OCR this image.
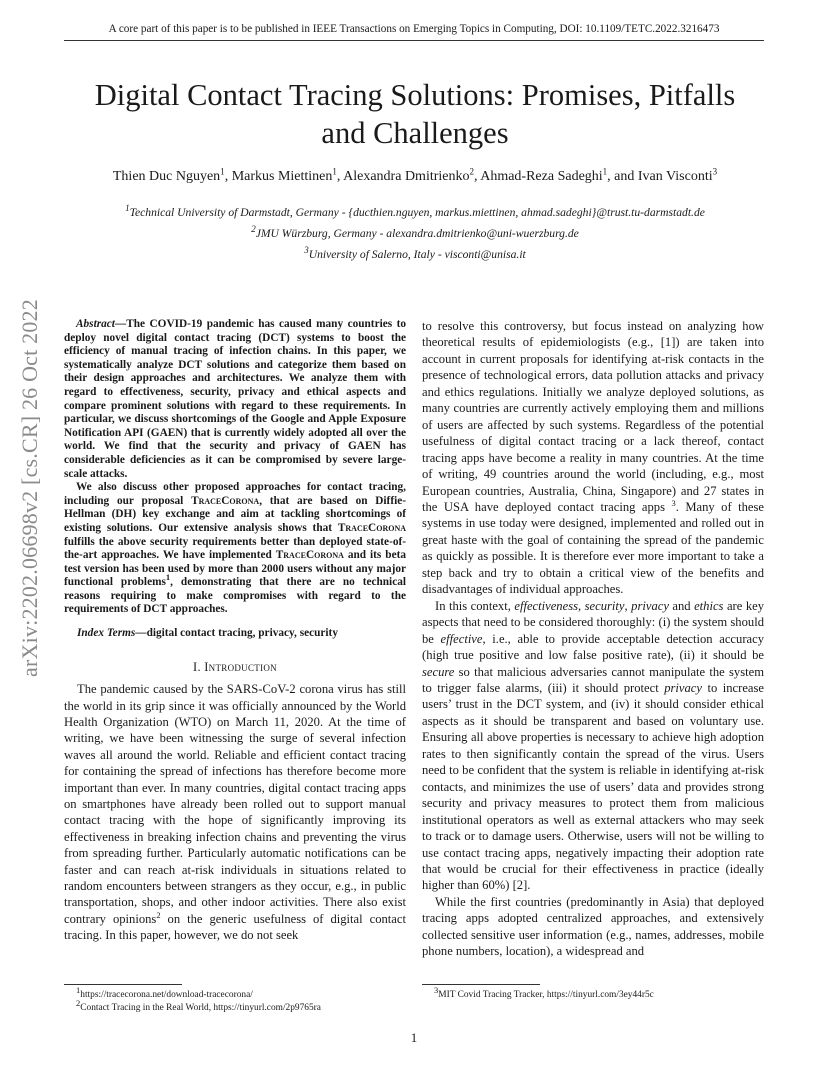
A core part of this paper is to be published in IEEE Transactions on Emerging Topics in Computing, DOI: 10.1109/TETC.2022.3216473
arXiv:2202.06698v2 [cs.CR] 26 Oct 2022
Digital Contact Tracing Solutions: Promises, Pitfalls
and Challenges
Thien Duc Nguyen$^1$, Markus Miettinen$^1$, Alexandra Dmitrienko$^2$, Ahmad-Reza Sadeghi$^1$, and Ivan Visconti$^3$
$^1$Technical University of Darmstadt, Germany - {ducthien.nguyen, markus.miettinen, ahmad.sadeghi}@trust.tu-darmstadt.de
$^2$JMU Würzburg, Germany - alexandra.dmitrienko@uni-wuerzburg.de
$^3$University of Salerno, Italy - visconti@unisa.it

Abstract—The COVID-19 pandemic has caused many countries to deploy novel digital contact tracing (DCT) systems to boost the efficiency of manual tracing of infection chains. In this paper, we systematically analyze DCT solutions and categorize them based on their design approaches and architectures. We analyze them with regard to effectiveness, security, privacy and ethical aspects and compare prominent solutions with regard to these requirements. In particular, we discuss shortcomings of the Google and Apple Exposure Notification API (GAEN) that is currently widely adopted all over the world. We find that the security and privacy of GAEN has considerable deficiencies as it can be compromised by severe large-scale attacks.

We also discuss other proposed approaches for contact tracing, including our proposal TraceCorona, that are based on Diffie-Hellman (DH) key exchange and aim at tackling shortcomings of existing solutions. Our extensive analysis shows that TraceCorona fulfills the above security requirements better than deployed state-of-the-art approaches. We have implemented TraceCorona and its beta test version has been used by more than 2000 users without any major functional problems$^1$, demonstrating that there are no technical reasons requiring to make compromises with regard to the requirements of DCT approaches.

Index Terms—digital contact tracing, privacy, security

I. Introduction

The pandemic caused by the SARS-CoV-2 corona virus has still the world in its grip since it was officially announced by the World Health Organization (WTO) on March 11, 2020. At the time of writing, we have been witnessing the surge of several infection waves all around the world. Reliable and efficient contact tracing for containing the spread of infections has therefore become more important than ever. In many countries, digital contact tracing apps on smartphones have already been rolled out to support manual contact tracing with the hope of significantly improving its effectiveness in breaking infection chains and preventing the virus from spreading further. Particularly automatic notifications can be faster and can reach at-risk individuals in situations related to random encounters between strangers as they occur, e.g., in public transportation, shops, and other indoor activities. There also exist contrary opinions$^2$ on the generic usefulness of digital contact tracing. In this paper, however, we do not seek

to resolve this controversy, but focus instead on analyzing how theoretical results of epidemiologists (e.g., [1]) are taken into account in current proposals for identifying at-risk contacts in the presence of technological errors, data pollution attacks and privacy and ethics regulations. Initially we analyze deployed solutions, as many countries are currently actively employing them and millions of users are affected by such systems. Regardless of the potential usefulness of digital contact tracing or a lack thereof, contact tracing apps have become a reality in many countries. At the time of writing, 49 countries around the world (including, e.g., most European countries, Australia, China, Singapore) and 27 states in the USA have deployed contact tracing apps $^3$. Many of these systems in use today were designed, implemented and rolled out in great haste with the goal of containing the spread of the pandemic as quickly as possible. It is therefore ever more important to take a step back and try to obtain a critical view of the benefits and disadvantages of individual approaches.

In this context, effectiveness, security, privacy and ethics are key aspects that need to be considered thoroughly: (i) the system should be effective, i.e., able to provide acceptable detection accuracy (high true positive and low false positive rate), (ii) it should be secure so that malicious adversaries cannot manipulate the system to trigger false alarms, (iii) it should protect privacy to increase users’ trust in the DCT system, and (iv) it should consider ethical aspects as it should be transparent and based on voluntary use. Ensuring all above properties is necessary to achieve high adoption rates to then significantly contain the spread of the virus. Users need to be confident that the system is reliable in identifying at-risk contacts, and minimizes the use of users’ data and provides strong security and privacy measures to protect them from malicious institutional operators as well as external attackers who may seek to track or to damage users. Otherwise, users will not be willing to use contact tracing apps, negatively impacting their adoption rate that would be crucial for their effectiveness in practice (ideally higher than 60%) [2].

While the first countries (predominantly in Asia) that deployed tracing apps adopted centralized approaches, and extensively collected sensitive user information (e.g., names, addresses, mobile phone numbers, location), a widespread and

$^1$https://tracecorona.net/download-tracecorona/
$^2$Contact Tracing in the Real World, https://tinyurl.com/2p9765ra
$^3$MIT Covid Tracing Tracker, https://tinyurl.com/3ey44r5c
1
